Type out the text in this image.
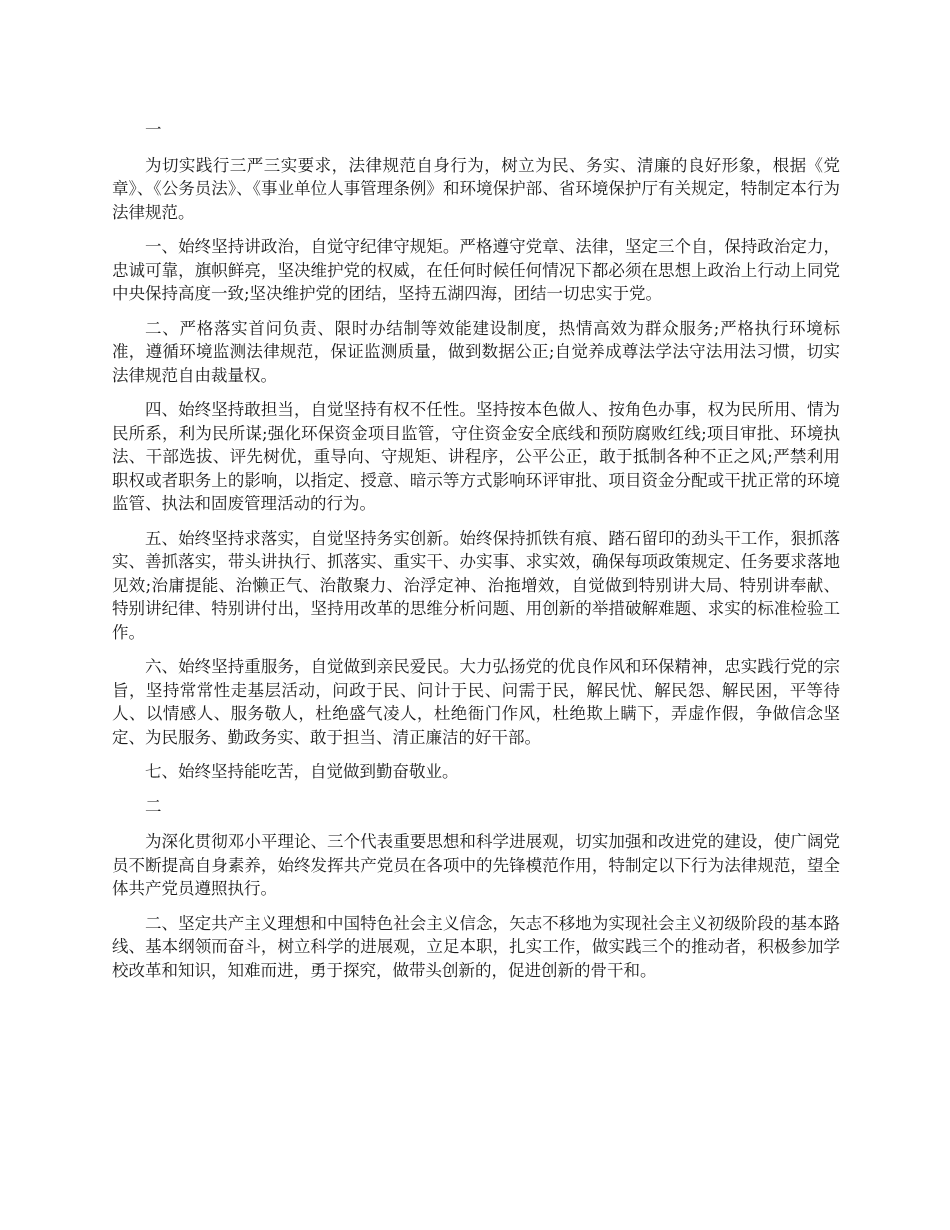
一

为切实践行三严三实要求，法律规范自身行为，树立为民、务实、清廉的良好形象，根据《党章》、《公务员法》、《事业单位人事管理条例》和环境保护部、省环境保护厅有关规定，特制定本行为法律规范。

一、始终坚持讲政治，自觉守纪律守规矩。严格遵守党章、法律，坚定三个自，保持政治定力，忠诚可靠，旗帜鲜亮，坚决维护党的权威，在任何时候任何情况下都必须在思想上政治上行动上同党中央保持高度一致;坚决维护党的团结，坚持五湖四海，团结一切忠实于党。

二、严格落实首问负责、限时办结制等效能建设制度，热情高效为群众服务;严格执行环境标准，遵循环境监测法律规范，保证监测质量，做到数据公正;自觉养成尊法学法守法用法习惯，切实法律规范自由裁量权。

四、始终坚持敢担当，自觉坚持有权不任性。坚持按本色做人、按角色办事，权为民所用、情为民所系，利为民所谋;强化环保资金项目监管，守住资金安全底线和预防腐败红线;项目审批、环境执法、干部选拔、评先树优，重导向、守规矩、讲程序，公平公正，敢于抵制各种不正之风;严禁利用职权或者职务上的影响，以指定、授意、暗示等方式影响环评审批、项目资金分配或干扰正常的环境监管、执法和固废管理活动的行为。

五、始终坚持求落实，自觉坚持务实创新。始终保持抓铁有痕、踏石留印的劲头干工作，狠抓落实、善抓落实，带头讲执行、抓落实、重实干、办实事、求实效，确保每项政策规定、任务要求落地见效;治庸提能、治懒正气、治散聚力、治浮定神、治拖增效，自觉做到特别讲大局、特别讲奉献、特别讲纪律、特别讲付出，坚持用改革的思维分析问题、用创新的举措破解难题、求实的标准检验工作。

六、始终坚持重服务，自觉做到亲民爱民。大力弘扬党的优良作风和环保精神，忠实践行党的宗旨，坚持常常性走基层活动，问政于民、问计于民、问需于民，解民忧、解民怨、解民困，平等待人、以情感人、服务敬人，杜绝盛气凌人，杜绝衙门作风，杜绝欺上瞒下，弄虚作假，争做信念坚定、为民服务、勤政务实、敢于担当、清正廉洁的好干部。

七、始终坚持能吃苦，自觉做到勤奋敬业。

二

为深化贯彻邓小平理论、三个代表重要思想和科学进展观，切实加强和改进党的建设，使广阔党员不断提高自身素养，始终发挥共产党员在各项中的先锋模范作用，特制定以下行为法律规范，望全体共产党员遵照执行。

二、坚定共产主义理想和中国特色社会主义信念，矢志不移地为实现社会主义初级阶段的基本路线、基本纲领而奋斗，树立科学的进展观，立足本职，扎实工作，做实践三个的推动者，积极参加学校改革和知识，知难而进，勇于探究，做带头创新的，促进创新的骨干和。
